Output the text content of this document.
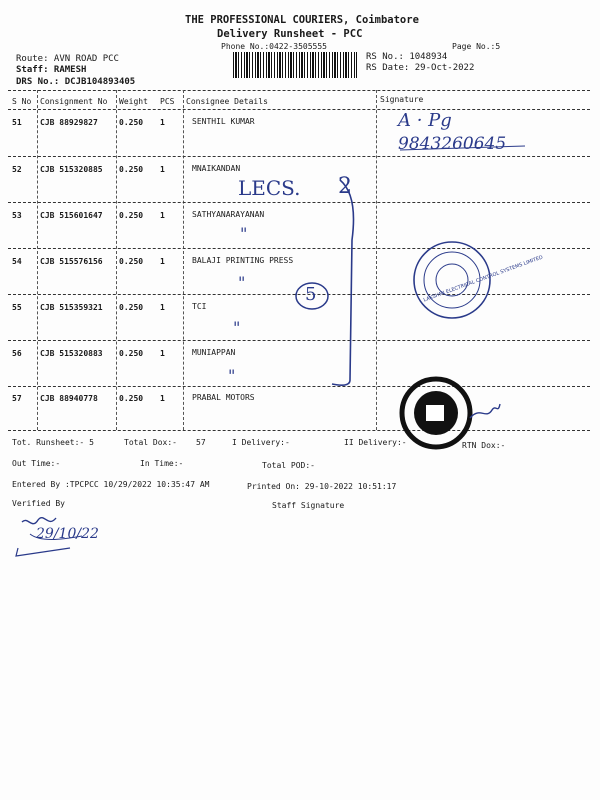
THE PROFESSIONAL COURIERS, Coimbatore
Delivery Runsheet - PCC
Phone No.:0422-3505555	Page No.:5
Route: AVN ROAD PCC
Staff: RAMESH
DRS No.: DCJB104893405
RS No.: 1048934
RS Date: 29-Oct-2022
S No Consignment No Weight PCS Consignee Details	Signature
51 CJB 88929827	0.250 1	SENTHIL KUMAR
52 CJB 515320885 0.250 1	MNAIKANDAN
53 CJB 515601647 0.250 1	SATHYANARAYANAN
54 CJB 515576156 0.250 1	BALAJI PRINTING PRESS
55 CJB 515359321 0.250 1	TCI
56 CJB 515320883 0.250 1	MUNIAPPAN
57 CJB 88940778	0.250 1	PRABAL MOTORS
A · Pg
9843260645
LECS. 2
"
"
"
"
5	LAKSHMI ELECTRICAL CONTROL SYSTEMS LIMITED
29/10/22
Tot. Runsheet:- 5	Total Dox:- 57	I Delivery:-	II Delivery:-	RTN Dox:-
Out Time:-	In Time:-	Total POD:-
Entered By :TPCPCC 10/29/2022 10:35:47 AM	Printed On: 29-10-2022 10:51:17
Verified By	Staff Signature
